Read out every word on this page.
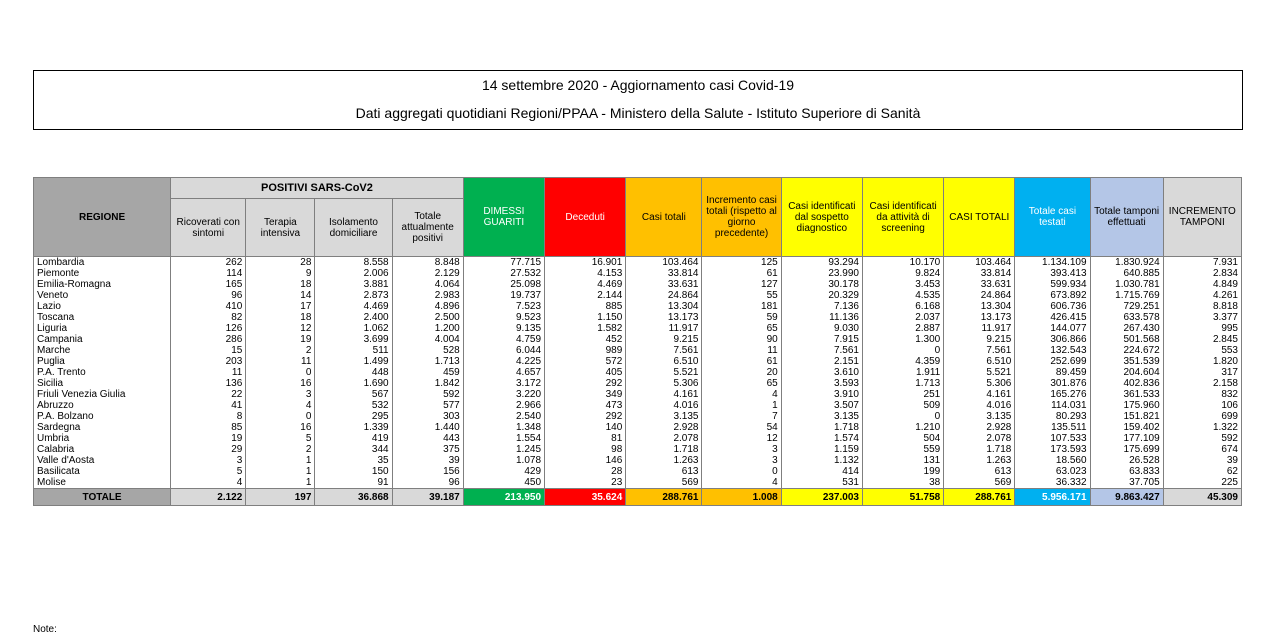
14 settembre 2020 - Aggiornamento casi Covid-19
Dati aggregati quotidiani Regioni/PPAA - Ministero della Salute - Istituto Superiore di Sanità
REGIONE	POSITIVI SARS-CoV2				DIMESSI GUARITI	Deceduti	Casi totali	Incremento casi totali (rispetto al giorno precedente)	Casi identificati dal sospetto diagnostico	Casi identificati da attività di screening	CASI TOTALI	Totale casi testati	Totale tamponi effettuati	INCREMENTO TAMPONI
	Ricoverati con sintomi	Terapia intensiva	Isolamento domiciliare	Totale attualmente positivi										
Lombardia	262	28	8.558	8.848	77.715	16.901	103.464	125	93.294	10.170	103.464	1.134.109	1.830.924	7.931
Piemonte	114	9	2.006	2.129	27.532	4.153	33.814	61	23.990	9.824	33.814	393.413	640.885	2.834
Emilia-Romagna	165	18	3.881	4.064	25.098	4.469	33.631	127	30.178	3.453	33.631	599.934	1.030.781	4.849
Veneto	96	14	2.873	2.983	19.737	2.144	24.864	55	20.329	4.535	24.864	673.892	1.715.769	4.261
Lazio	410	17	4.469	4.896	7.523	885	13.304	181	7.136	6.168	13.304	606.736	729.251	8.818
Toscana	82	18	2.400	2.500	9.523	1.150	13.173	59	11.136	2.037	13.173	426.415	633.578	3.377
Liguria	126	12	1.062	1.200	9.135	1.582	11.917	65	9.030	2.887	11.917	144.077	267.430	995
Campania	286	19	3.699	4.004	4.759	452	9.215	90	7.915	1.300	9.215	306.866	501.568	2.845
Marche	15	2	511	528	6.044	989	7.561	11	7.561	0	7.561	132.543	224.672	553
Puglia	203	11	1.499	1.713	4.225	572	6.510	61	2.151	4.359	6.510	252.699	351.539	1.820
P.A. Trento	11	0	448	459	4.657	405	5.521	20	3.610	1.911	5.521	89.459	204.604	317
Sicilia	136	16	1.690	1.842	3.172	292	5.306	65	3.593	1.713	5.306	301.876	402.836	2.158
Friuli Venezia Giulia	22	3	567	592	3.220	349	4.161	4	3.910	251	4.161	165.276	361.533	832
Abruzzo	41	4	532	577	2.966	473	4.016	1	3.507	509	4.016	114.031	175.960	106
P.A. Bolzano	8	0	295	303	2.540	292	3.135	7	3.135	0	3.135	80.293	151.821	699
Sardegna	85	16	1.339	1.440	1.348	140	2.928	54	1.718	1.210	2.928	135.511	159.402	1.322
Umbria	19	5	419	443	1.554	81	2.078	12	1.574	504	2.078	107.533	177.109	592
Calabria	29	2	344	375	1.245	98	1.718	3	1.159	559	1.718	173.593	175.699	674
Valle d'Aosta	3	1	35	39	1.078	146	1.263	3	1.132	131	1.263	18.560	26.528	39
Basilicata	5	1	150	156	429	28	613	0	414	199	613	63.023	63.833	62
Molise	4	1	91	96	450	23	569	4	531	38	569	36.332	37.705	225
TOTALE	2.122	197	36.868	39.187	213.950	35.624	288.761	1.008	237.003	51.758	288.761	5.956.171	9.863.427	45.309
Note:
